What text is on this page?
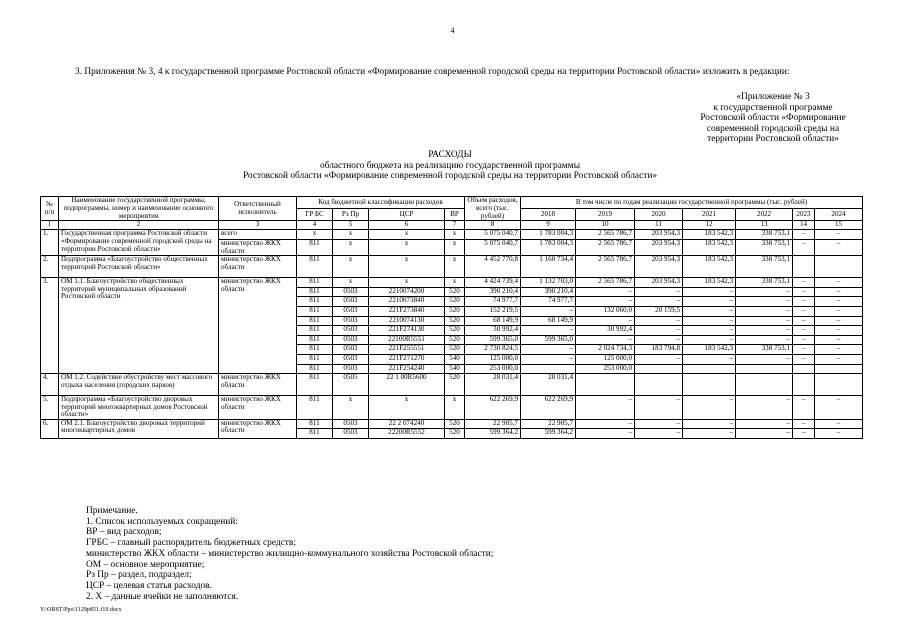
4
3. Приложения № 3, 4 к государственной программе Ростовской области «Формирование современной городской среды на территории Ростовской области» изложить в редакции:
«Приложение № 3
к государственной программе
Ростовской области «Формирование
современной городской среды на
территории Ростовской области»
РАСХОДЫ
областного бюджета на реализацию государственной программы
Ростовской области «Формирование современной городской среды на территории Ростовской области»
№ п/п	Наименование государственной программы, подпрограммы, номер и наименование основного мероприятия	Ответственный исполнитель	Код бюджетной классификации расходов				Объем расходов, всего (тыс. рублей)	В том числе по годам реализации государственной программы (тыс. рублей)						
			ГР БС	Рз Пр	ЦСР	ВР		2018	2019	2020	2021	2022	2023	2024
1	2	3	4	5	6	7	8	9	10	11	12	13	14	15
1.	Государственная программа Ростовской области «Формирование современной городской среды на территории Ростовской области»	всего	х	х	х	х	5 075 040,7	1 783 004,3	2 565 786,7	203 954,3	183 542,3	338 753,1	–	–
		министерство ЖКХ области	811	х	х	х	5 075 040,7	1 783 004,3	2 565 786,7	203 954,3	183 542,3	338 753,1	–	–
2.	Подпрограмма «Благоустройство общественных территорий Ростовской области»	министерство ЖКХ области	811	х	х	х	4 452 770,8	1 160 734,4	2 565 786,7	203 954,3	183 542,3	338 753,1		
3.	ОМ 1.1. Благоустройство общественных территорий муниципальных образований Ростовской области	министерство ЖКХ области	811	х	х	х	4 424 739,4	1 132 703,0	2 565 786,7	203 954,3	183 542,3	338 753,1	–	–
			811	0503	2210074200	520	390 210,4	390 210,4	–	–	–	–	–	–
			811	0503	2210073840	520	74 977,7	74 977,7	–	–	–	–	–	–
			811	0503	221F273840	520	152 219,5	–	132 060,0	20 159,5	–	–	–	–
			811	0503	2210074130	520	68 149,9	68 149,9	–	–	–	–	–	–
			811	0503	221F274130	520	30 992,4	–	30 992,4	–	–	–	–	–
			811	0503	22100R5551	520	599 365,0	599 365,0	–	–	–	–	–	–
			811	0503	221F255551	520	2 730 824,5	–	2 024 734,3	183 794,8	183 542,3	338 753,1	–	–
			811	0503	221F271270	540	125 000,0	–	125 000,0	–	–	–	–	–
			811	0503	221F254240	540	253 000,0		253 000,0					
4.	ОМ 1.2. Содействие обустройству мест массового отдыха населения (городских парков)	министерство ЖКХ области	811	0505	22 1 00R5600	520	28 031,4	28 031,4						
5.	Подпрограмма «Благоустройство дворовых территорий многоквартирных домов Ростовской области»	министерство ЖКХ области	811	х	х	х	622 269,9	622 269,9	–	–	–	–	–	–
6.	ОМ 2.1. Благоустройство дворовых территорий многоквартирных домов	министерство ЖКХ области	811	0503	22 2 074240	520	22 905,7	22 905,7	–	–	–	–	–	–
			811	0503	22200R5552	520	599 364,2	599 364,2	–	–	–	–	–	–
Примечание.
1. Список используемых сокращений:
ВР – вид расходов;
ГРБС – главный распорядитель бюджетных средств;
министерство ЖКХ области – министерство жилищно-коммунального хозяйства Ростовской области;
ОМ – основное мероприятие;
Рз Пр – раздел, подраздел;
ЦСР – целевая статья расходов.
2. Х – данные ячейки не заполняются.
Y:\ORST\Ppo\1129p851.f19.docx
